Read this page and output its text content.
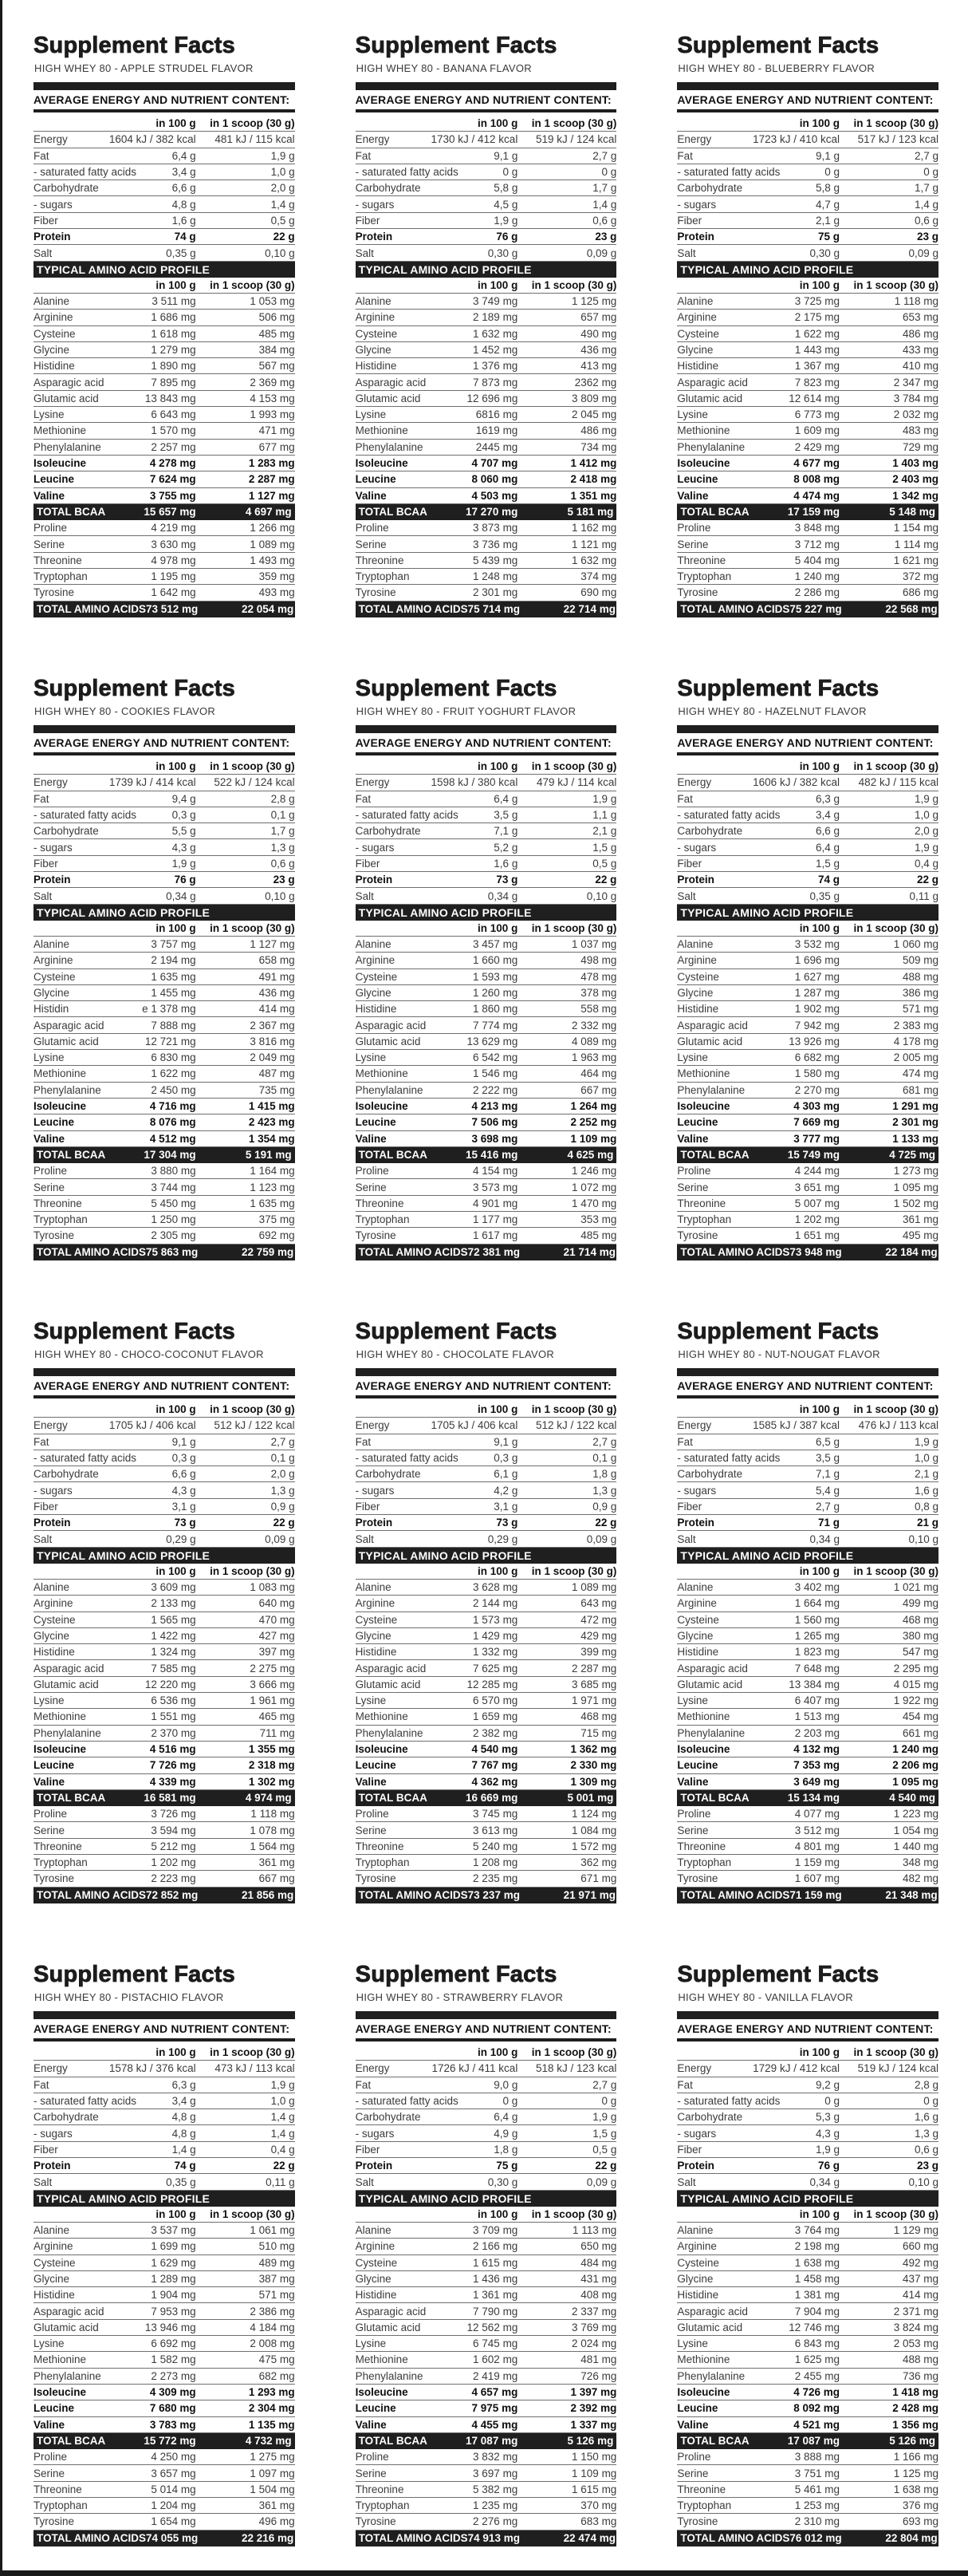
Supplement Facts
HIGH WHEY 80 - APPLE STRUDEL FLAVOR
AVERAGE ENERGY AND NUTRIENT CONTENT:
in 100 g	in 1 scoop (30 g)
Energy	1604 kJ / 382 kcal	481 kJ / 115 kcal
Fat	6,4 g	1,9 g
- saturated fatty acids	3,4 g	1,0 g
Carbohydrate	6,6 g	2,0 g
- sugars	4,8 g	1,4 g
Fiber	1,6 g	0,5 g
Protein	74 g	22 g
Salt	0,35 g	0,10 g
TYPICAL AMINO ACID PROFILE
in 100 g	in 1 scoop (30 g)
Alanine	3 511 mg	1 053 mg
Arginine	1 686 mg	506 mg
Cysteine	1 618 mg	485 mg
Glycine	1 279 mg	384 mg
Histidine	1 890 mg	567 mg
Asparagic acid	7 895 mg	2 369 mg
Glutamic acid	13 843 mg	4 153 mg
Lysine	6 643 mg	1 993 mg
Methionine	1 570 mg	471 mg
Phenylalanine	2 257 mg	677 mg
Isoleucine	4 278 mg	1 283 mg
Leucine	7 624 mg	2 287 mg
Valine	3 755 mg	1 127 mg
TOTAL BCAA	15 657 mg	4 697 mg
Proline	4 219 mg	1 266 mg
Serine	3 630 mg	1 089 mg
Threonine	4 978 mg	1 493 mg
Tryptophan	1 195 mg	359 mg
Tyrosine	1 642 mg	493 mg
TOTAL AMINO ACIDS 73 512 mg	22 054 mg
Supplement Facts
HIGH WHEY 80 - BANANA FLAVOR
AVERAGE ENERGY AND NUTRIENT CONTENT:
in 100 g	in 1 scoop (30 g)
Energy	1730 kJ / 412 kcal	519 kJ / 124 kcal
Fat	9,1 g	2,7 g
- saturated fatty acids	0 g	0 g
Carbohydrate	5,8 g	1,7 g
- sugars	4,5 g	1,4 g
Fiber	1,9 g	0,6 g
Protein	76 g	23 g
Salt	0,30 g	0,09 g
TYPICAL AMINO ACID PROFILE
in 100 g	in 1 scoop (30 g)
Alanine	3 749 mg	1 125 mg
Arginine	2 189 mg	657 mg
Cysteine	1 632 mg	490 mg
Glycine	1 452 mg	436 mg
Histidine	1 376 mg	413 mg
Asparagic acid	7 873 mg	2362 mg
Glutamic acid	12 696 mg	3 809 mg
Lysine	6816 mg	2 045 mg
Methionine	1619 mg	486 mg
Phenylalanine	2445 mg	734 mg
Isoleucine	4 707 mg	1 412 mg
Leucine	8 060 mg	2 418 mg
Valine	4 503 mg	1 351 mg
TOTAL BCAA	17 270 mg	5 181 mg
Proline	3 873 mg	1 162 mg
Serine	3 736 mg	1 121 mg
Threonine	5 439 mg	1 632 mg
Tryptophan	1 248 mg	374 mg
Tyrosine	2 301 mg	690 mg
TOTAL AMINO ACIDS 75 714 mg	22 714 mg
Supplement Facts
HIGH WHEY 80 - BLUEBERRY FLAVOR
AVERAGE ENERGY AND NUTRIENT CONTENT:
in 100 g	in 1 scoop (30 g)
Energy	1723 kJ / 410 kcal	517 kJ / 123 kcal
Fat	9,1 g	2,7 g
- saturated fatty acids	0 g	0 g
Carbohydrate	5,8 g	1,7 g
- sugars	4,7 g	1,4 g
Fiber	2,1 g	0,6 g
Protein	75 g	23 g
Salt	0,30 g	0,09 g
TYPICAL AMINO ACID PROFILE
in 100 g	in 1 scoop (30 g)
Alanine	3 725 mg	1 118 mg
Arginine	2 175 mg	653 mg
Cysteine	1 622 mg	486 mg
Glycine	1 443 mg	433 mg
Histidine	1 367 mg	410 mg
Asparagic acid	7 823 mg	2 347 mg
Glutamic acid	12 614 mg	3 784 mg
Lysine	6 773 mg	2 032 mg
Methionine	1 609 mg	483 mg
Phenylalanine	2 429 mg	729 mg
Isoleucine	4 677 mg	1 403 mg
Leucine	8 008 mg	2 403 mg
Valine	4 474 mg	1 342 mg
TOTAL BCAA	17 159 mg	5 148 mg
Proline	3 848 mg	1 154 mg
Serine	3 712 mg	1 114 mg
Threonine	5 404 mg	1 621 mg
Tryptophan	1 240 mg	372 mg
Tyrosine	2 286 mg	686 mg
TOTAL AMINO ACIDS 75 227 mg	22 568 mg
Supplement Facts
HIGH WHEY 80 - COOKIES FLAVOR
AVERAGE ENERGY AND NUTRIENT CONTENT:
in 100 g	in 1 scoop (30 g)
Energy	1739 kJ / 414 kcal	522 kJ / 124 kcal
Fat	9,4 g	2,8 g
- saturated fatty acids	0,3 g	0,1 g
Carbohydrate	5,5 g	1,7 g
- sugars	4,3 g	1,3 g
Fiber	1,9 g	0,6 g
Protein	76 g	23 g
Salt	0,34 g	0,10 g
TYPICAL AMINO ACID PROFILE
in 100 g	in 1 scoop (30 g)
Alanine	3 757 mg	1 127 mg
Arginine	2 194 mg	658 mg
Cysteine	1 635 mg	491 mg
Glycine	1 455 mg	436 mg
Histidin	e 1 378 mg	414 mg
Asparagic acid	7 888 mg	2 367 mg
Glutamic acid	12 721 mg	3 816 mg
Lysine	6 830 mg	2 049 mg
Methionine	1 622 mg	487 mg
Phenylalanine	2 450 mg	735 mg
Isoleucine	4 716 mg	1 415 mg
Leucine	8 076 mg	2 423 mg
Valine	4 512 mg	1 354 mg
TOTAL BCAA	17 304 mg	5 191 mg
Proline	3 880 mg	1 164 mg
Serine	3 744 mg	1 123 mg
Threonine	5 450 mg	1 635 mg
Tryptophan	1 250 mg	375 mg
Tyrosine	2 305 mg	692 mg
TOTAL AMINO ACIDS 75 863 mg	22 759 mg
Supplement Facts
HIGH WHEY 80 - FRUIT YOGHURT FLAVOR
AVERAGE ENERGY AND NUTRIENT CONTENT:
in 100 g	in 1 scoop (30 g)
Energy	1598 kJ / 380 kcal	479 kJ / 114 kcal
Fat	6,4 g	1,9 g
- saturated fatty acids	3,5 g	1,1 g
Carbohydrate	7,1 g	2,1 g
- sugars	5,2 g	1,5 g
Fiber	1,6 g	0,5 g
Protein	73 g	22 g
Salt	0,34 g	0,10 g
TYPICAL AMINO ACID PROFILE
in 100 g	in 1 scoop (30 g)
Alanine	3 457 mg	1 037 mg
Arginine	1 660 mg	498 mg
Cysteine	1 593 mg	478 mg
Glycine	1 260 mg	378 mg
Histidine	1 860 mg	558 mg
Asparagic acid	7 774 mg	2 332 mg
Glutamic acid	13 629 mg	4 089 mg
Lysine	6 542 mg	1 963 mg
Methionine	1 546 mg	464 mg
Phenylalanine	2 222 mg	667 mg
Isoleucine	4 213 mg	1 264 mg
Leucine	7 506 mg	2 252 mg
Valine	3 698 mg	1 109 mg
TOTAL BCAA	15 416 mg	4 625 mg
Proline	4 154 mg	1 246 mg
Serine	3 573 mg	1 072 mg
Threonine	4 901 mg	1 470 mg
Tryptophan	1 177 mg	353 mg
Tyrosine	1 617 mg	485 mg
TOTAL AMINO ACIDS 72 381 mg	21 714 mg
Supplement Facts
HIGH WHEY 80 - HAZELNUT FLAVOR
AVERAGE ENERGY AND NUTRIENT CONTENT:
in 100 g	in 1 scoop (30 g)
Energy	1606 kJ / 382 kcal	482 kJ / 115 kcal
Fat	6,3 g	1,9 g
- saturated fatty acids	3,4 g	1,0 g
Carbohydrate	6,6 g	2,0 g
- sugars	6,4 g	1,9 g
Fiber	1,5 g	0,4 g
Protein	74 g	22 g
Salt	0,35 g	0,11 g
TYPICAL AMINO ACID PROFILE
in 100 g	in 1 scoop (30 g)
Alanine	3 532 mg	1 060 mg
Arginine	1 696 mg	509 mg
Cysteine	1 627 mg	488 mg
Glycine	1 287 mg	386 mg
Histidine	1 902 mg	571 mg
Asparagic acid	7 942 mg	2 383 mg
Glutamic acid	13 926 mg	4 178 mg
Lysine	6 682 mg	2 005 mg
Methionine	1 580 mg	474 mg
Phenylalanine	2 270 mg	681 mg
Isoleucine	4 303 mg	1 291 mg
Leucine	7 669 mg	2 301 mg
Valine	3 777 mg	1 133 mg
TOTAL BCAA	15 749 mg	4 725 mg
Proline	4 244 mg	1 273 mg
Serine	3 651 mg	1 095 mg
Threonine	5 007 mg	1 502 mg
Tryptophan	1 202 mg	361 mg
Tyrosine	1 651 mg	495 mg
TOTAL AMINO ACIDS 73 948 mg	22 184 mg
Supplement Facts
HIGH WHEY 80 - CHOCO-COCONUT FLAVOR
AVERAGE ENERGY AND NUTRIENT CONTENT:
in 100 g	in 1 scoop (30 g)
Energy	1705 kJ / 406 kcal	512 kJ / 122 kcal
Fat	9,1 g	2,7 g
- saturated fatty acids	0,3 g	0,1 g
Carbohydrate	6,6 g	2,0 g
- sugars	4,3 g	1,3 g
Fiber	3,1 g	0,9 g
Protein	73 g	22 g
Salt	0,29 g	0,09 g
TYPICAL AMINO ACID PROFILE
in 100 g	in 1 scoop (30 g)
Alanine	3 609 mg	1 083 mg
Arginine	2 133 mg	640 mg
Cysteine	1 565 mg	470 mg
Glycine	1 422 mg	427 mg
Histidine	1 324 mg	397 mg
Asparagic acid	7 585 mg	2 275 mg
Glutamic acid	12 220 mg	3 666 mg
Lysine	6 536 mg	1 961 mg
Methionine	1 551 mg	465 mg
Phenylalanine	2 370 mg	711 mg
Isoleucine	4 516 mg	1 355 mg
Leucine	7 726 mg	2 318 mg
Valine	4 339 mg	1 302 mg
TOTAL BCAA	16 581 mg	4 974 mg
Proline	3 726 mg	1 118 mg
Serine	3 594 mg	1 078 mg
Threonine	5 212 mg	1 564 mg
Tryptophan	1 202 mg	361 mg
Tyrosine	2 223 mg	667 mg
TOTAL AMINO ACIDS 72 852 mg	21 856 mg
Supplement Facts
HIGH WHEY 80 - CHOCOLATE FLAVOR
AVERAGE ENERGY AND NUTRIENT CONTENT:
in 100 g	in 1 scoop (30 g)
Energy	1705 kJ / 406 kcal	512 kJ / 122 kcal
Fat	9,1 g	2,7 g
- saturated fatty acids	0,3 g	0,1 g
Carbohydrate	6,1 g	1,8 g
- sugars	4,2 g	1,3 g
Fiber	3,1 g	0,9 g
Protein	73 g	22 g
Salt	0,29 g	0,09 g
TYPICAL AMINO ACID PROFILE
in 100 g	in 1 scoop (30 g)
Alanine	3 628 mg	1 089 mg
Arginine	2 144 mg	643 mg
Cysteine	1 573 mg	472 mg
Glycine	1 429 mg	429 mg
Histidine	1 332 mg	399 mg
Asparagic acid	7 625 mg	2 287 mg
Glutamic acid	12 285 mg	3 685 mg
Lysine	6 570 mg	1 971 mg
Methionine	1 659 mg	468 mg
Phenylalanine	2 382 mg	715 mg
Isoleucine	4 540 mg	1 362 mg
Leucine	7 767 mg	2 330 mg
Valine	4 362 mg	1 309 mg
TOTAL BCAA	16 669 mg	5 001 mg
Proline	3 745 mg	1 124 mg
Serine	3 613 mg	1 084 mg
Threonine	5 240 mg	1 572 mg
Tryptophan	1 208 mg	362 mg
Tyrosine	2 235 mg	671 mg
TOTAL AMINO ACIDS 73 237 mg	21 971 mg
Supplement Facts
HIGH WHEY 80 - NUT-NOUGAT FLAVOR
AVERAGE ENERGY AND NUTRIENT CONTENT:
in 100 g	in 1 scoop (30 g)
Energy	1585 kJ / 387 kcal	476 kJ / 113 kcal
Fat	6,5 g	1,9 g
- saturated fatty acids	3,5 g	1,0 g
Carbohydrate	7,1 g	2,1 g
- sugars	5,4 g	1,6 g
Fiber	2,7 g	0,8 g
Protein	71 g	21 g
Salt	0,34 g	0,10 g
TYPICAL AMINO ACID PROFILE
in 100 g	in 1 scoop (30 g)
Alanine	3 402 mg	1 021 mg
Arginine	1 664 mg	499 mg
Cysteine	1 560 mg	468 mg
Glycine	1 265 mg	380 mg
Histidine	1 823 mg	547 mg
Asparagic acid	7 648 mg	2 295 mg
Glutamic acid	13 384 mg	4 015 mg
Lysine	6 407 mg	1 922 mg
Methionine	1 513 mg	454 mg
Phenylalanine	2 203 mg	661 mg
Isoleucine	4 132 mg	1 240 mg
Leucine	7 353 mg	2 206 mg
Valine	3 649 mg	1 095 mg
TOTAL BCAA	15 134 mg	4 540 mg
Proline	4 077 mg	1 223 mg
Serine	3 512 mg	1 054 mg
Threonine	4 801 mg	1 440 mg
Tryptophan	1 159 mg	348 mg
Tyrosine	1 607 mg	482 mg
TOTAL AMINO ACIDS 71 159 mg	21 348 mg
Supplement Facts
HIGH WHEY 80 - PISTACHIO FLAVOR
AVERAGE ENERGY AND NUTRIENT CONTENT:
in 100 g	in 1 scoop (30 g)
Energy	1578 kJ / 376 kcal	473 kJ / 113 kcal
Fat	6,3 g	1,9 g
- saturated fatty acids	3,4 g	1,0 g
Carbohydrate	4,8 g	1,4 g
- sugars	4,8 g	1,4 g
Fiber	1,4 g	0,4 g
Protein	74 g	22 g
Salt	0,35 g	0,11 g
TYPICAL AMINO ACID PROFILE
in 100 g	in 1 scoop (30 g)
Alanine	3 537 mg	1 061 mg
Arginine	1 699 mg	510 mg
Cysteine	1 629 mg	489 mg
Glycine	1 289 mg	387 mg
Histidine	1 904 mg	571 mg
Asparagic acid	7 953 mg	2 386 mg
Glutamic acid	13 946 mg	4 184 mg
Lysine	6 692 mg	2 008 mg
Methionine	1 582 mg	475 mg
Phenylalanine	2 273 mg	682 mg
Isoleucine	4 309 mg	1 293 mg
Leucine	7 680 mg	2 304 mg
Valine	3 783 mg	1 135 mg
TOTAL BCAA	15 772 mg	4 732 mg
Proline	4 250 mg	1 275 mg
Serine	3 657 mg	1 097 mg
Threonine	5 014 mg	1 504 mg
Tryptophan	1 204 mg	361 mg
Tyrosine	1 654 mg	496 mg
TOTAL AMINO ACIDS 74 055 mg	22 216 mg
Supplement Facts
HIGH WHEY 80 - STRAWBERRY FLAVOR
AVERAGE ENERGY AND NUTRIENT CONTENT:
in 100 g	in 1 scoop (30 g)
Energy	1726 kJ / 411 kcal	518 kJ / 123 kcal
Fat	9,0 g	2,7 g
- saturated fatty acids	0 g	0 g
Carbohydrate	6,4 g	1,9 g
- sugars	4,9 g	1,5 g
Fiber	1,8 g	0,5 g
Protein	75 g	22 g
Salt	0,30 g	0,09 g
TYPICAL AMINO ACID PROFILE
in 100 g	in 1 scoop (30 g)
Alanine	3 709 mg	1 113 mg
Arginine	2 166 mg	650 mg
Cysteine	1 615 mg	484 mg
Glycine	1 436 mg	431 mg
Histidine	1 361 mg	408 mg
Asparagic acid	7 790 mg	2 337 mg
Glutamic acid	12 562 mg	3 769 mg
Lysine	6 745 mg	2 024 mg
Methionine	1 602 mg	481 mg
Phenylalanine	2 419 mg	726 mg
Isoleucine	4 657 mg	1 397 mg
Leucine	7 975 mg	2 392 mg
Valine	4 455 mg	1 337 mg
TOTAL BCAA	17 087 mg	5 126 mg
Proline	3 832 mg	1 150 mg
Serine	3 697 mg	1 109 mg
Threonine	5 382 mg	1 615 mg
Tryptophan	1 235 mg	370 mg
Tyrosine	2 276 mg	683 mg
TOTAL AMINO ACIDS 74 913 mg	22 474 mg
Supplement Facts
HIGH WHEY 80 - VANILLA FLAVOR
AVERAGE ENERGY AND NUTRIENT CONTENT:
in 100 g	in 1 scoop (30 g)
Energy	1729 kJ / 412 kcal	519 kJ / 124 kcal
Fat	9,2 g	2,8 g
- saturated fatty acids	0 g	0 g
Carbohydrate	5,3 g	1,6 g
- sugars	4,3 g	1,3 g
Fiber	1,9 g	0,6 g
Protein	76 g	23 g
Salt	0,34 g	0,10 g
TYPICAL AMINO ACID PROFILE
in 100 g	in 1 scoop (30 g)
Alanine	3 764 mg	1 129 mg
Arginine	2 198 mg	660 mg
Cysteine	1 638 mg	492 mg
Glycine	1 458 mg	437 mg
Histidine	1 381 mg	414 mg
Asparagic acid	7 904 mg	2 371 mg
Glutamic acid	12 746 mg	3 824 mg
Lysine	6 843 mg	2 053 mg
Methionine	1 625 mg	488 mg
Phenylalanine	2 455 mg	736 mg
Isoleucine	4 726 mg	1 418 mg
Leucine	8 092 mg	2 428 mg
Valine	4 521 mg	1 356 mg
TOTAL BCAA	17 087 mg	5 126 mg
Proline	3 888 mg	1 166 mg
Serine	3 751 mg	1 125 mg
Threonine	5 461 mg	1 638 mg
Tryptophan	1 253 mg	376 mg
Tyrosine	2 310 mg	693 mg
TOTAL AMINO ACIDS 76 012 mg	22 804 mg
